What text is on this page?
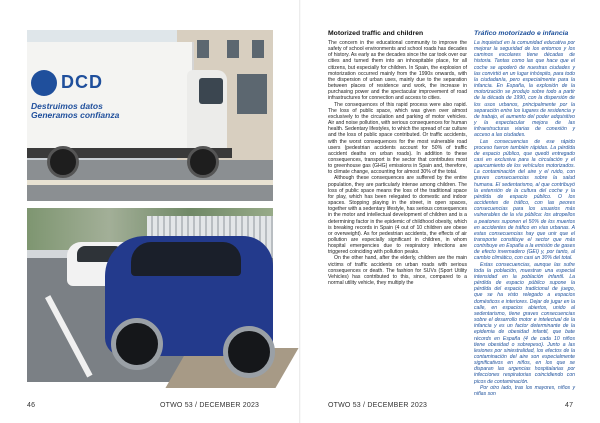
DCD
Destruimos datos Generamos confianza
Motorized traffic and children

The concern in the educational community to improve the safety of school environments and school roads has decades of history. As early as the decades since the car took over our cities and turned them into an inhospitable place, for all citizens, but especially for children. In Spain, the explosion of motorization occurred mainly from the 1990s onwards, with the dispersion of urban uses, mainly due to the separation between places of residence and work, the increase in purchasing power and the spectacular improvement of road infrastructures for connection and access to cities.

The consequences of this rapid process were also rapid. The loss of public space, which was given over almost exclusively to the circulation and parking of motor vehicles. Air and noise pollution, with serious consequences for human health. Sedentary lifestyles, to which the spread of car culture and the loss of public space contributed. Or traffic accidents, with the worst consequences for the most vulnerable road users (pedestrian accidents account for 50% of traffic accident deaths on urban roads). In addition to these consequences, transport is the sector that contributes most to greenhouse gas (GHG) emissions in Spain and, therefore, to climate change, accounting for almost 30% of the total.

Although these consequences are suffered by the entire population, they are particularly intense among children. The loss of public space means the loss of the traditional space for play, which has been relegated to domestic and indoor spaces. Stopping playing in the street, in open spaces, together with a sedentary lifestyle, has serious consequences in the motor and intellectual development of children and is a determining factor in the epidemic of childhood obesity, which is breaking records in Spain (4 out of 10 children are obese or overweight). As for pedestrian accidents, the effects of air pollution are especially significant in children, in whom hospital emergencies due to respiratory infections are triggered coinciding with pollution peaks.

On the other hand, after the elderly, children are the main victims of traffic accidents on urban roads with serious consequences or death. The fashion for SUVs (Sport Utility Vehicles) has contributed to this, since, compared to a normal utility vehicle, they multiply the

Tráfico motorizado e infancia

La inquietud en la comunidad educativa por mejorar la seguridad de los entornos y los caminos escolares tiene décadas de historia. Tantas como las que hace que el coche se apoderó de nuestras ciudades y las convirtió en un lugar inhóspito, para todo la ciudadanía, pero especialmente para la infancia. En España, la explosión de la motorización se produjo sobre todo a partir de la década de 1990, con la dispersión de los usos urbanos, principalmente por la separación entre los lugares de residencia y de trabajo, el aumento del poder adquisitivo y la espectacular mejora de las infraestructuras viarias de conexión y acceso a las ciudades.

Las consecuencias de ese rápido proceso fueron también rápidas. La pérdida de espacio público, que quedó entregado casi en exclusiva para la circulación y el aparcamiento de los vehículos motorizados. La contaminación del aire y el ruido, con graves consecuencias sobre la salud humana. El sedentarismo, al que contribuyó la extensión de la cultura del coche y la pérdida de espacio público. O los accidentes de tráfico, con las peores consecuencias para los usuarios más vulnerables de la vía pública: los atropellos a peatones suponen el 50% de los muertos en accidentes de tráfico en vías urbanas. A estas consecuencias hay que unir que el transporte constituye el sector que más contribuye en España a la emisión de gases de efecto invernadero (GEI) y, por tanto, al cambio climático, con casi un 30% del total.

Estas consecuencias, aunque las sufre toda la población, muestran una especial intensidad en la población infantil. La pérdida de espacio público supone la pérdida del espacio tradicional de juego, que se ha visto relegado a espacios domésticos e interiores. Dejar de jugar en la calle, en espacios abiertos, unido al sedentarismo, tiene graves consecuencias sobre el desarrollo motor e intelectual de la infancia y es un factor determinante de la epidemia de obesidad infantil, que bate récords en España (4 de cada 10 niños tiene obesidad o sobrepeso). Junto a las lesiones por siniestralidad, los efectos de la contaminación del aire son especialmente significativos en niños, en los que se disparan las urgencias hospitalarias por infecciones respiratorias coincidiendo con picos de contaminación.

Por otro lado, tras los mayores, niños y niñas son

46	OTWO 53 / DECEMBER 2023	OTWO 53 / DECEMBER 2023	47
